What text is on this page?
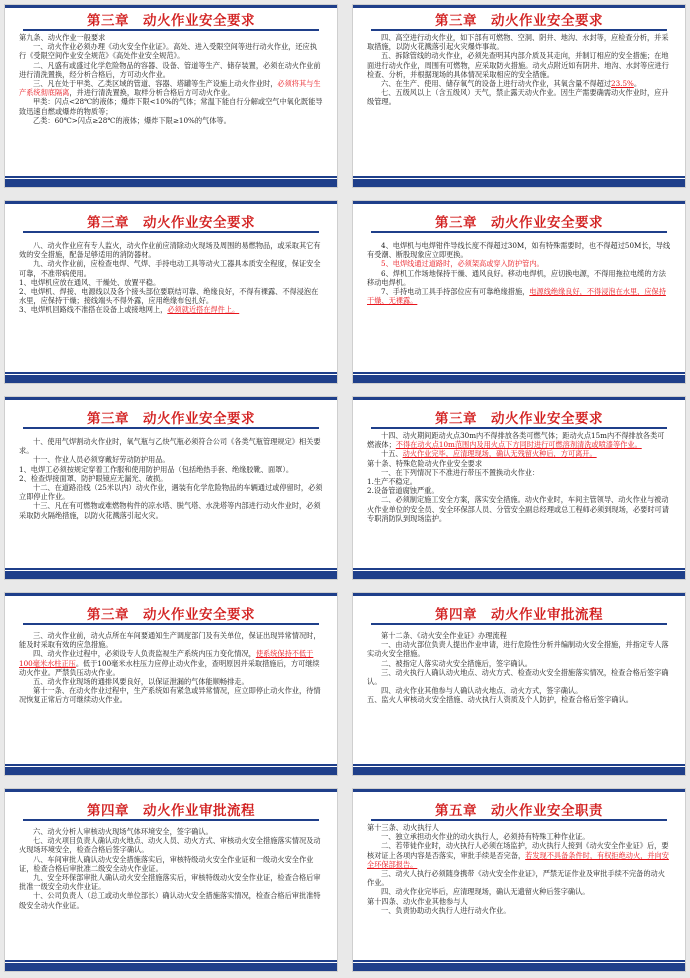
第三章　动火作业安全要求

第九条、动火作业一般要求

一、动火作业必须办理《动火安全作业证》。高处、进入受限空间等进行动火作业，还应执行《受限空间作业安全规范》《高处作业安全规范》。

二、凡盛有或盛过化学危险物品的容器、设备、管道等生产、储存装置，必须在动火作业前进行清洗置换，经分析合格后，方可动火作业。

三、凡在处于甲类、乙类区域的管道、容器、塔罐等生产设施上动火作业时，必须将其与生产系统彻底隔离，并进行清洗置换，取样分析合格后方可动火作业。

甲类：闪点<28℃的液体；爆炸下限<10%的气体；常温下能自行分解或空气中氧化既能导致迅速自燃或爆炸的物质等；

乙类：60℃>闪点≥28℃的液体；爆炸下限≥10%的气体等。

第三章　动火作业安全要求

四、高空进行动火作业，如下部有可燃物、空洞、阴井、地沟、水封等，应检查分析，并采取措施，以防火花溅落引起火灾爆炸事故。

五、拆除管线的动火作业，必须先查明其内部介质及其走向，并制订相应的安全措施；在地面进行动火作业，周围有可燃物，应采取防火措施。动火点附近如有阴井、地沟、水封等应进行检查、分析，并根据现场的具体情况采取相应的安全措施。

六、在生产、使用、储存氧气的设备上进行动火作业，其氧含量不得超过23.5%。

七、五级风以上（含五级风）天气，禁止露天动火作业。因生产需要确需动火作业时，应升级管理。

第三章　动火作业安全要求

八、动火作业应有专人监火，动火作业前应清除动火现场及周围的易燃物品，或采取其它有效的安全措施，配备足够适用的消防器材。

九、动火作业前，应检查电焊、气焊、手持电动工具等动火工器具本质安全程度，保证安全可靠，不准带病使用。

1、电焊机应放在通风、干燥处、放置平稳。

2、电焊机、焊接、电源线以及各个接头部位要联结可靠、绝缘良好，不得有裸露、不得浸泡在水里，应保持干燥；接线端头不得外露，应用绝缘布包扎好。

3、电焊机回路线不准搭在设备上或接地网上，必须就近搭在焊件上。

第三章　动火作业安全要求

4、电焊机与电焊钳件导线长度不得超过30M，如有特殊需要时，也不得超过50M长，导线有受潮、断股现象应立即更换。

5、电焊线通过道路时，必须架高或穿入防护管内。

6、焊机工作场地保持干燥、通风良好。移动电焊机，应切换电源，不得用拖拉电缆的方法移动电焊机。

7、手持电动工具手持部位应有可靠绝缘措施，电源线绝缘良好，不得浸泡在水里，应保持干燥、无裸露。

第三章　动火作业安全要求

十、使用气焊割动火作业时，氧气瓶与乙炔气瓶必须符合公司《各类气瓶管理规定》相关要求。

十一、作业人员必须穿戴好劳动防护用品。

1、电焊工必须按规定穿着工作服和使用防护用品（包括绝热手套、绝缘胶靴、面罩）。

2、检查焊接面罩、防护眼镜应无漏光、破损。

十二、在道路沿线（25米以内）动火作业，遇装有化学危险物品的车辆通过或停留时，必须立即停止作业。

十三、凡在有可燃物或难燃物构件的凉水塔、脱气塔、水洗塔等内部进行动火作业时，必须采取防火隔绝措施，以防火花溅落引起火灾。

第三章　动火作业安全要求

十四、动火期间距动火点30m内不得排放各类可燃气体；距动火点15m内不得排放各类可燃液体；不得在动火点10m范围内及用火点下方同时进行可燃溶剂清洗或喷漆等作业。

十五、动火作业完毕，应清理现场，确认无残留火种后，方可离开。

第十条、特殊危险动火作业安全要求

一、在下列情况下不准进行带压不置换动火作业：

1.生产不稳定。

2.设备管道腐蚀严重。

二、必须制定施工安全方案，落实安全措施。动火作业时，车间主管领导、动火作业与被动火作业单位的安全员、安全环保部人员、分管安全副总经理或总工程师必须到现场，必要时可请专职消防队到现场监护。

第三章　动火作业安全要求

三、动火作业前，动火点所在车间要通知生产调度部门及有关单位，保证出现异常情况时，能及时采取有效的应急措施。

四、动火作业过程中，必须设专人负责监视生产系统内压力变化情况，使系统保持不低于100毫米水柱正压。低于100毫米水柱压力应停止动火作业，查明原因并采取措施后，方可继续动火作业。严禁负压动火作业。

五、动火作业现场的通排风要良好，以保证泄漏的气体能顺畅排走。

第十一条、在动火作业过程中，生产系统如有紧急或异常情况，应立即停止动火作业，待情况恢复正常后方可继续动火作业。

第四章　动火作业审批流程

第十二条、《动火安全作业证》办理流程

一、由动火部位负责人提出作业申请，进行危险性分析并编制动火安全措施，并指定专人落实动火安全措施。

二、被指定人落实动火安全措施后，签字确认。

三、动火执行人确认动火地点、动火方式、检查动火安全措施落实情况，检查合格后签字确认。

四、动火作业其他参与人确认动火地点、动火方式，签字确认。

五、监火人审核动火安全措施、动火执行人资质及个人防护，检查合格后签字确认。

第四章　动火作业审批流程

六、动火分析人审核动火现场气体环境安全，签字确认。

七、动火项目负责人确认动火地点、动火人员、动火方式、审核动火安全措施落实情况及动火现场环境安全，检查合格后签字确认。

八、车间审批人确认动火安全措施落实后，审核特级动火安全作业证和一级动火安全作业证，检查合格后审批准二级安全动火作业证。

九、安全环保部审批人确认动火安全措施落实后，审核特级动火安全作业证，检查合格后审批准一级安全动火作业证。

十、公司负责人（总工或动火单位部长）确认动火安全措施落实情况，检查合格后审批准特级安全动火作业证。

第五章　动火作业安全职责

第十三条、动火执行人

一、独立承担动火作业的动火执行人，必须持有特殊工种作业证。

二、若带徒作业时，动火执行人必须在场监护，动火执行人接到《动火安全作业证》后，要核对证上各项内容是否落实，审批手续是否完备，若发现不具备条件时，有权拒绝动火，并向安全环保部报告。

三、动火人执行必须随身携带《动火安全作业证》，严禁无证作业及审批手续不完备的动火作业。

四、动火作业完毕后，应清理现场，确认无遗留火种后签字确认。

第十四条、动火作业其他参与人

一、负责协助动火执行人进行动火作业。
